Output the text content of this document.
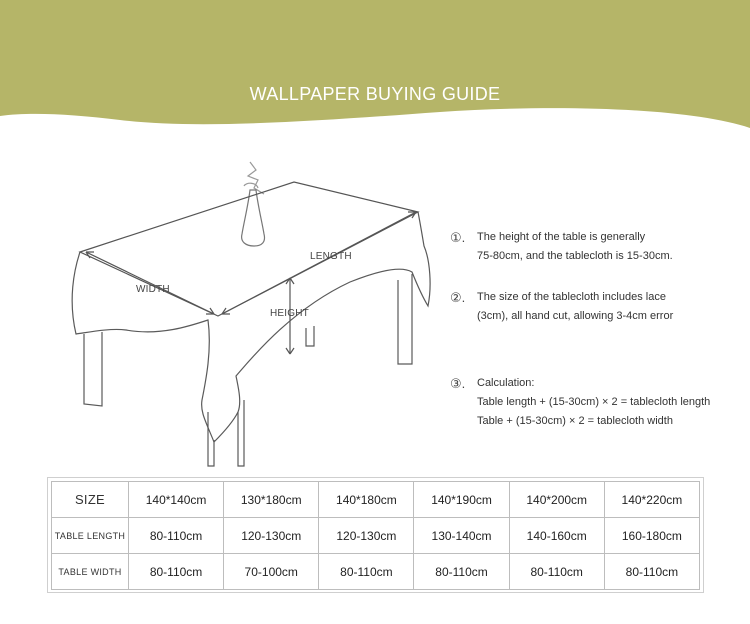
WALLPAPER BUYING GUIDE
WIDTH
LENGTH
HEIGHT
①. The height of the table is generally
75-80cm, and the tablecloth is 15-30cm.
②. The size of the tablecloth includes lace
(3cm), all hand cut, allowing 3-4cm error
③. Calculation:
Table length + (15-30cm) × 2 = tablecloth length
Table + (15-30cm) × 2 = tablecloth width
SIZE	140*140cm	130*180cm	140*180cm	140*190cm	140*200cm	140*220cm
TABLE LENGTH	80-110cm	120-130cm	120-130cm	130-140cm	140-160cm	160-180cm
TABLE WIDTH	80-110cm	70-100cm	80-110cm	80-110cm	80-110cm	80-110cm
